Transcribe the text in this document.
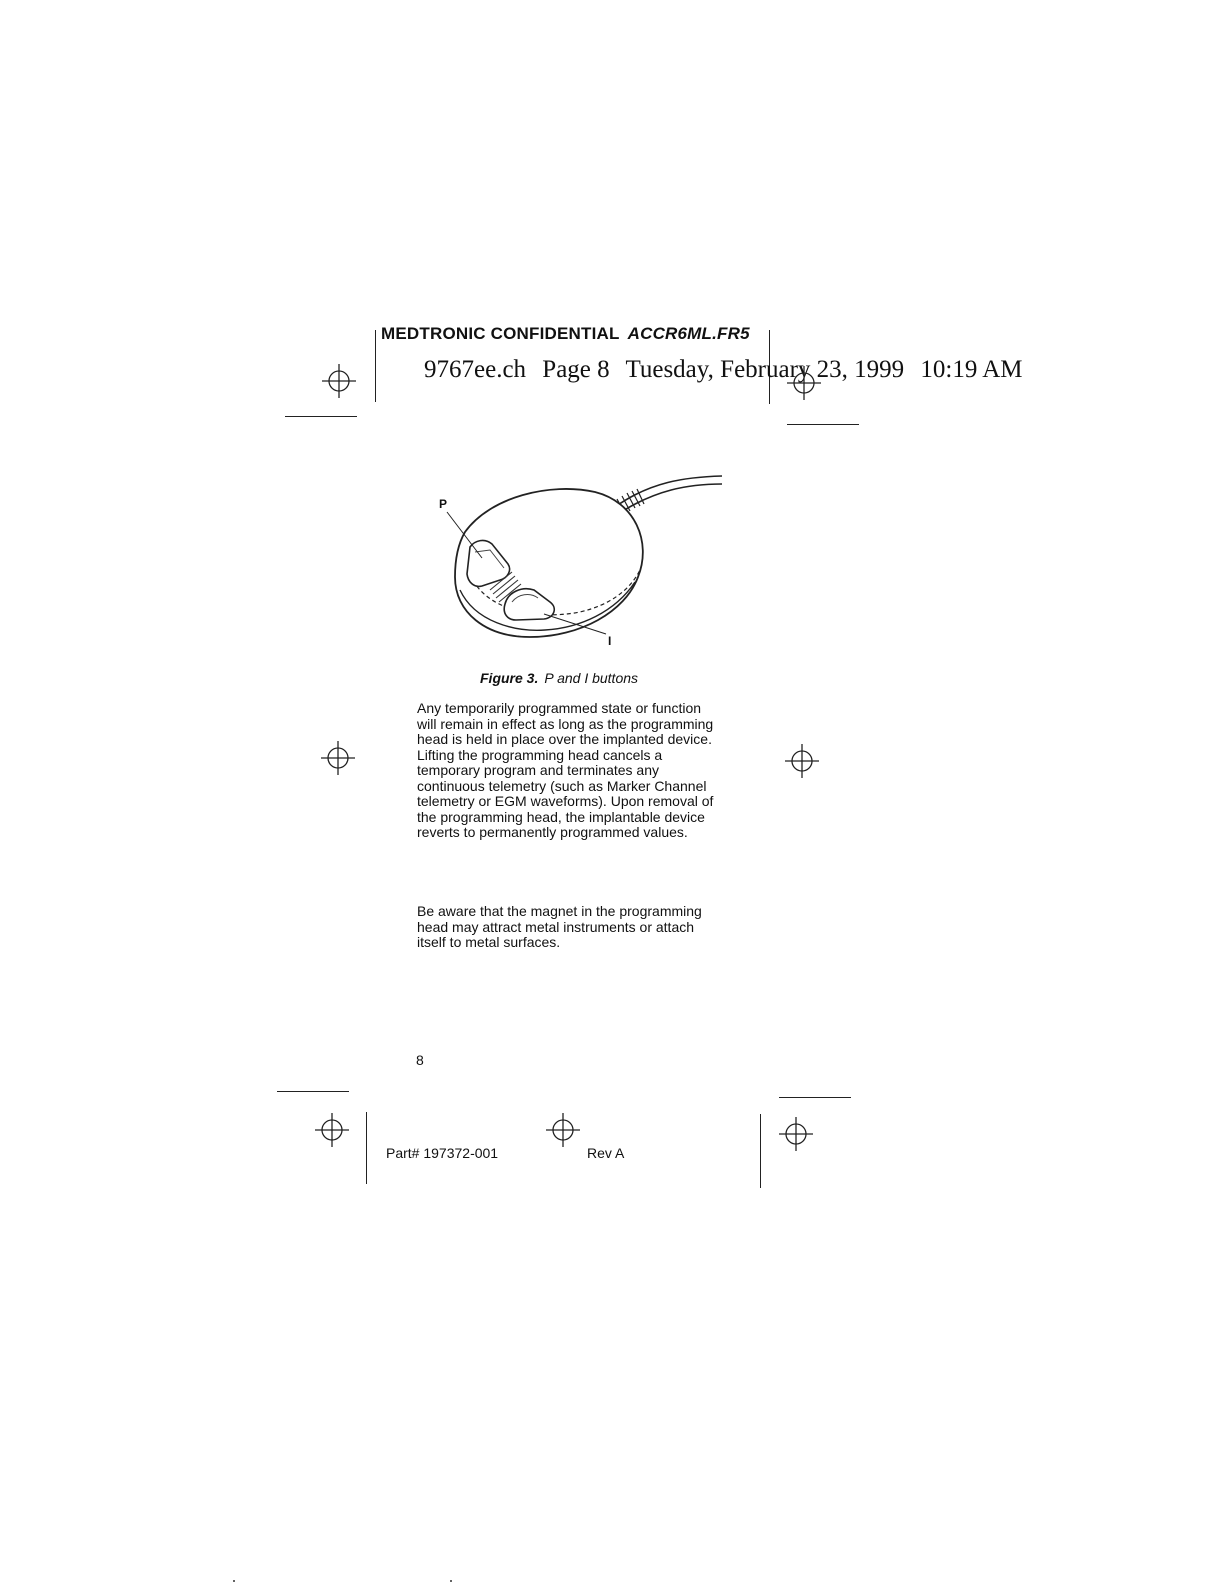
MEDTRONIC CONFIDENTIAL ACCR6ML.FR5
9767ee.ch Page 8 Tuesday, February 23, 1999 10:19 AM
P
I
Figure 3. P and I buttons

Any temporarily programmed state or function will remain in effect as long as the programming head is held in place over the implanted device. Lifting the programming head cancels a temporary program and terminates any continuous telemetry (such as Marker Channel telemetry or EGM waveforms). Upon removal of the programming head, the implantable device reverts to permanently programmed values.

Be aware that the magnet in the programming head may attract metal instruments or attach itself to metal surfaces.

8
Part# 197372-001	Rev A
